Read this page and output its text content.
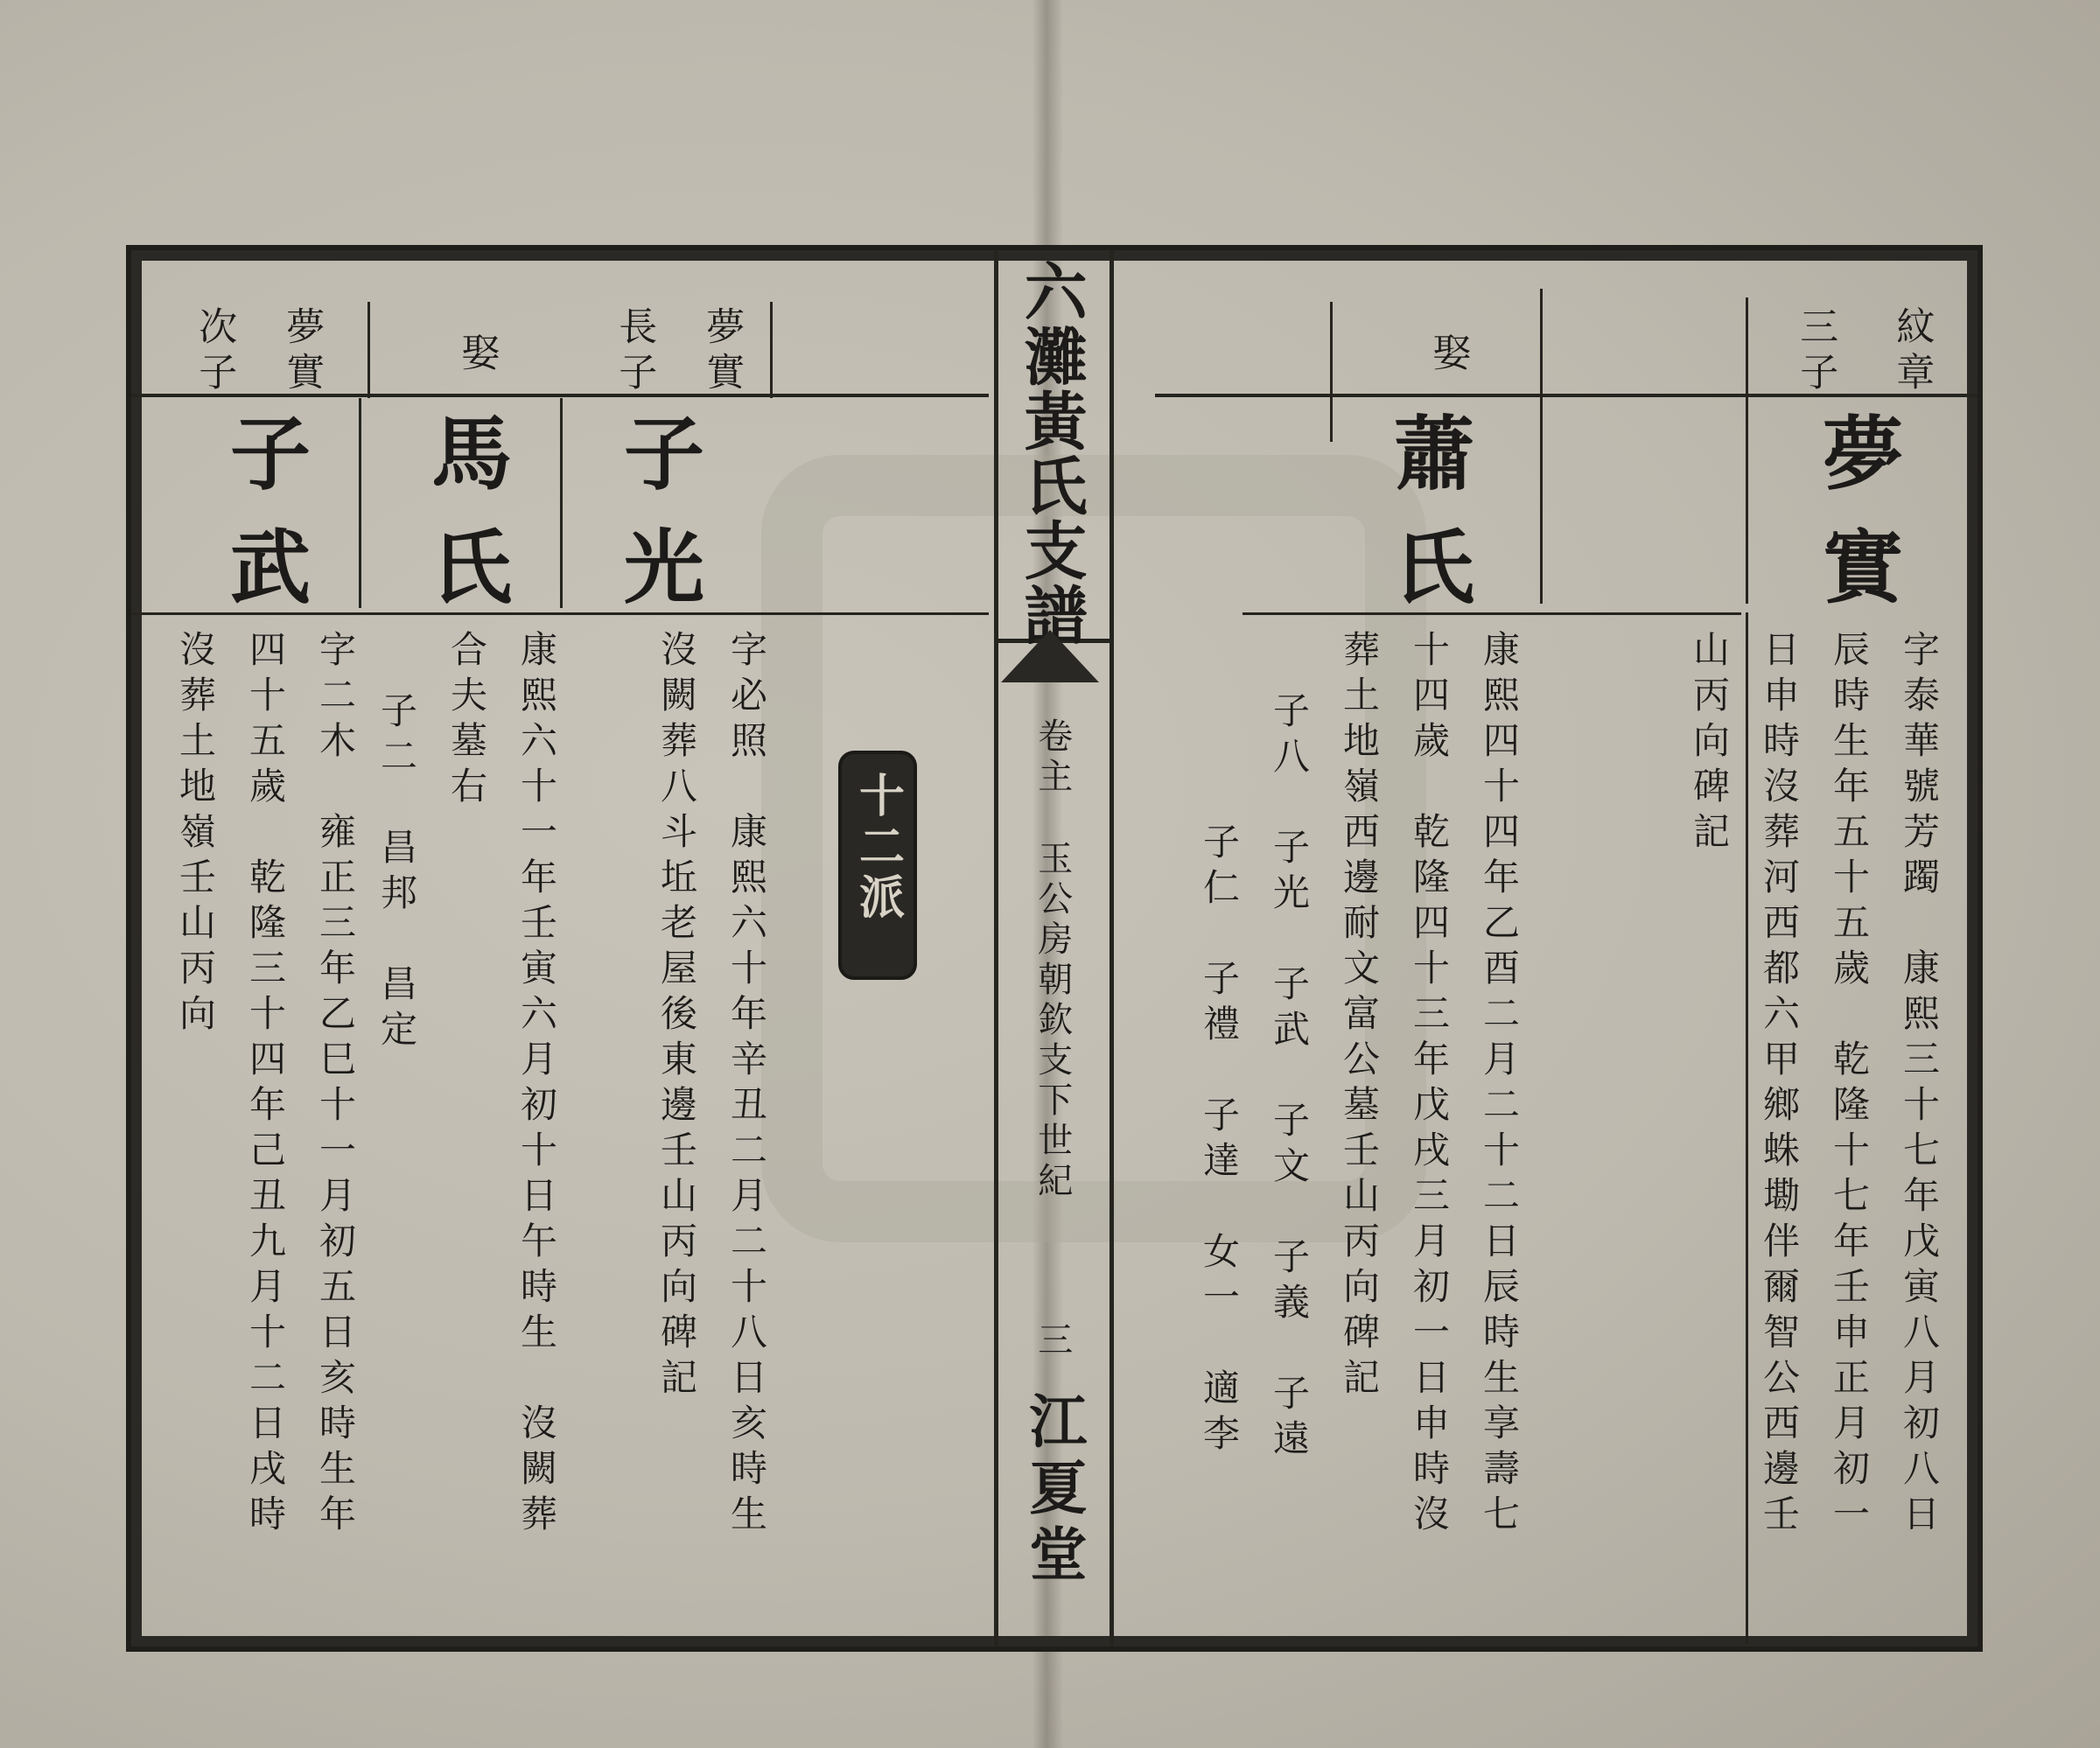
六灘黃氏支譜
卷主
玉公房朝欽支下世紀
三
江夏堂
十二派
紋章
三子
夢實
字泰華號芳躅　康熙三十七年戊寅八月初八日
辰時生年五十五歲　乾隆十七年壬申正月初一
日申時沒葬河西都六甲鄉蛛墈伴爾智公西邊壬
山丙向碑記
娶
蕭氏
康熙四十四年乙酉二月二十二日辰時生享壽七
十四歲　乾隆四十三年戊戌三月初一日申時沒
葬土地嶺西邊耐文富公墓壬山丙向碑記
子八　子光　子武　子文　子義　子遠
子仁　子禮　子達　女一　適李
夢實
長子
子光
字必照　康熙六十年辛丑二月二十八日亥時生
沒闕葬八斗坵老屋後東邊壬山丙向碑記
娶
馬氏
康熙六十一年壬寅六月初十日午時生　沒闕葬
合夫墓右
子二　昌邦　昌定
夢實
次子
子武
字二木　雍正三年乙巳十一月初五日亥時生年
四十五歲　乾隆三十四年己丑九月十二日戌時
沒葬土地嶺壬山丙向
